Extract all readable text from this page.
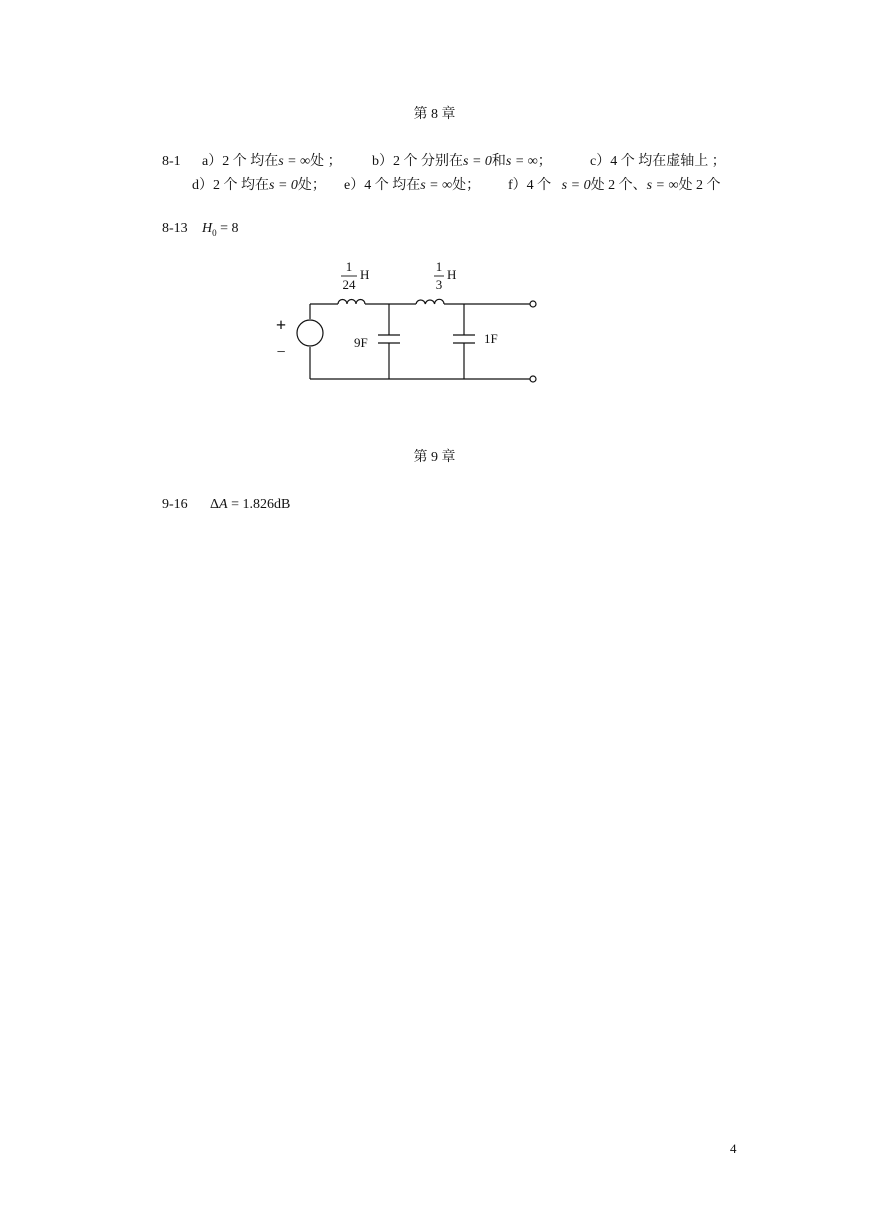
第 8 章
8-1 a）2 个 均在s = ∞处 ； b）2 个 分别在s = 0和s = ∞；	c）4 个 均在虚轴上 ；
d）2 个 均在s = 0处； e）4 个 均在s = ∞处； f）4 个 s = 0处 2 个、s = ∞处 2 个
8-13 $H_0 = 8$
1
24
H
1
3
H
9F	1F
+
−
第 9 章
9-16 ΔA = 1.826dB
4
